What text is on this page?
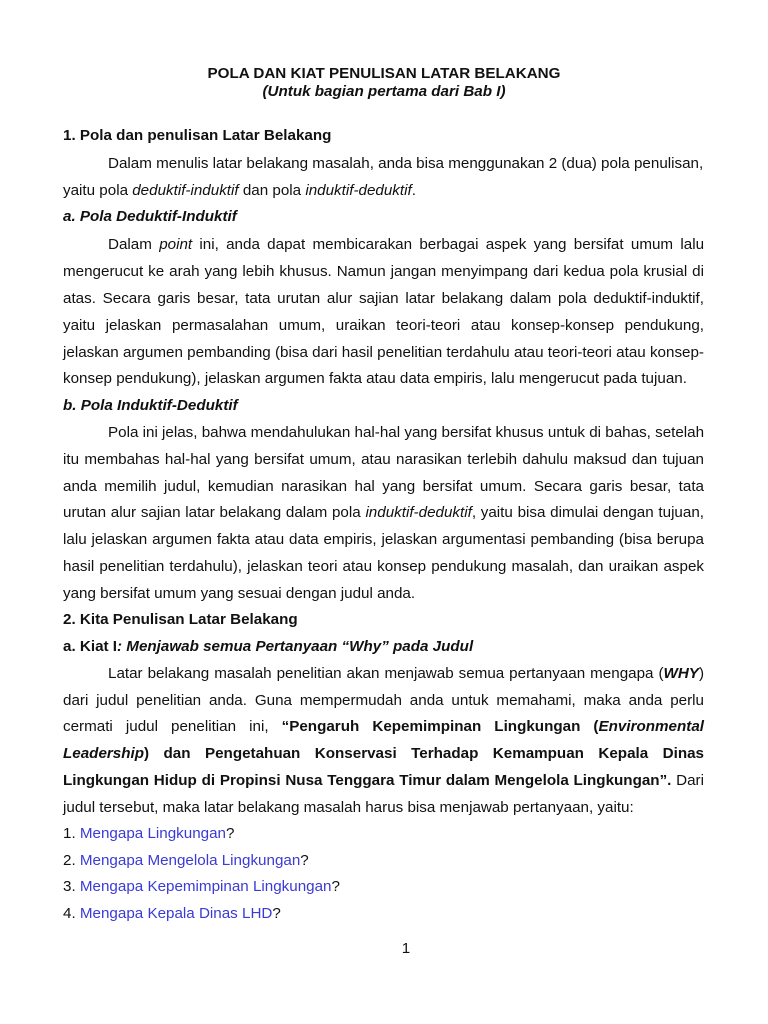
POLA DAN KIAT PENULISAN LATAR BELAKANG
(Untuk bagian pertama dari Bab I)
1. Pola dan penulisan Latar Belakang
Dalam menulis latar belakang masalah, anda bisa menggunakan 2 (dua) pola penulisan,
yaitu pola deduktif-induktif dan pola induktif-deduktif.
a. Pola Deduktif-Induktif
Dalam point ini, anda dapat membicarakan berbagai aspek yang bersifat umum lalu
mengerucut ke arah yang lebih khusus. Namun jangan menyimpang dari kedua pola krusial di
atas. Secara garis besar, tata urutan alur sajian latar belakang dalam pola deduktif-induktif,
yaitu jelaskan permasalahan umum, uraikan teori-teori atau konsep-konsep pendukung,
jelaskan argumen pembanding (bisa dari hasil penelitian terdahulu atau teori-teori atau konsep-
konsep pendukung), jelaskan argumen fakta atau data empiris, lalu mengerucut pada tujuan.
b. Pola Induktif-Deduktif
Pola ini jelas, bahwa mendahulukan hal-hal yang bersifat khusus untuk di bahas, setelah
itu membahas hal-hal yang bersifat umum, atau narasikan terlebih dahulu maksud dan tujuan
anda memilih judul, kemudian narasikan hal yang bersifat umum. Secara garis besar, tata
urutan alur sajian latar belakang dalam pola induktif-deduktif, yaitu bisa dimulai dengan tujuan,
lalu jelaskan argumen fakta atau data empiris, jelaskan argumentasi pembanding (bisa berupa
hasil penelitian terdahulu), jelaskan teori atau konsep pendukung masalah, dan uraikan aspek
yang bersifat umum yang sesuai dengan judul anda.
2. Kita Penulisan Latar Belakang
a. Kiat I: Menjawab semua Pertanyaan “Why” pada Judul
Latar belakang masalah penelitian akan menjawab semua pertanyaan mengapa (WHY)
dari judul penelitian anda. Guna mempermudah anda untuk memahami, maka anda perlu
cermati judul penelitian ini, “Pengaruh Kepemimpinan Lingkungan (Environmental
Leadership) dan Pengetahuan Konservasi Terhadap Kemampuan Kepala Dinas
Lingkungan Hidup di Propinsi Nusa Tenggara Timur dalam Mengelola Lingkungan”. Dari
judul tersebut, maka latar belakang masalah harus bisa menjawab pertanyaan, yaitu:
1. Mengapa Lingkungan?
2. Mengapa Mengelola Lingkungan?
3. Mengapa Kepemimpinan Lingkungan?
4. Mengapa Kepala Dinas LHD?
1
